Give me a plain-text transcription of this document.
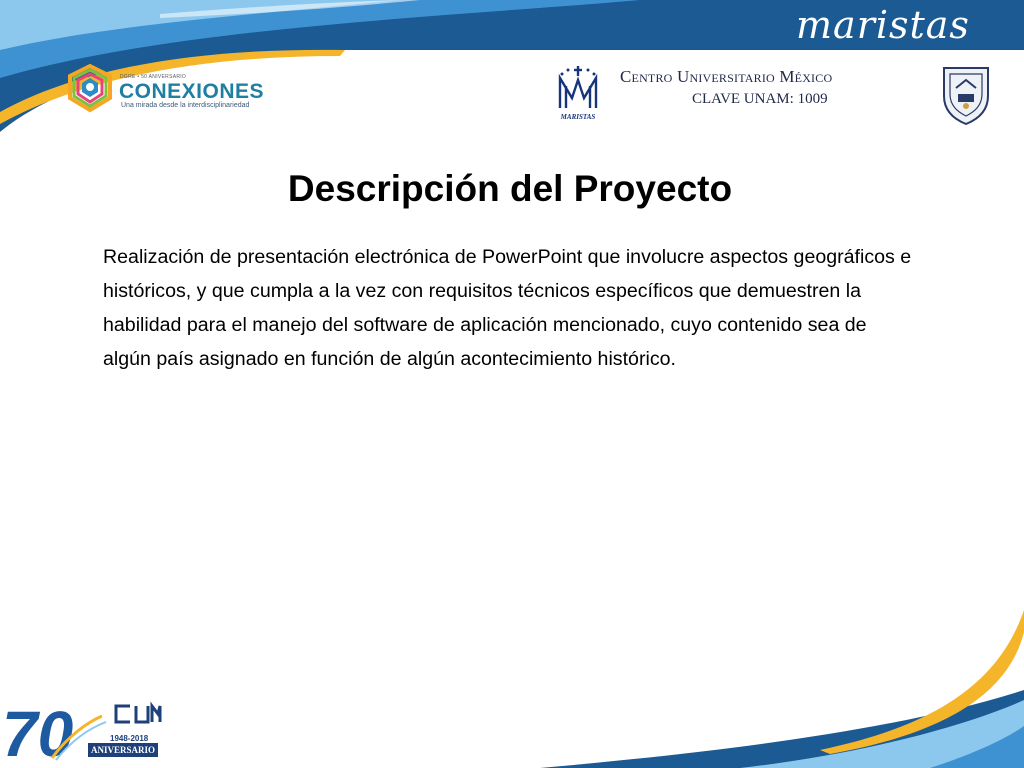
maristas
DGRE • 50 ANIVERSARIO
CONEXIONES
Una mirada desde la interdisciplinariedad
MARISTAS
Centro Universitario México
CLAVE UNAM: 1009
Descripción del Proyecto
Realización de presentación electrónica de PowerPoint que involucre aspectos geográficos e históricos, y que cumpla a la vez con requisitos técnicos específicos que demuestren la habilidad para el manejo del software de aplicación mencionado, cuyo contenido sea de algún país asignado en función de algún acontecimiento histórico.
70	1948-2018
ANIVERSARIO
